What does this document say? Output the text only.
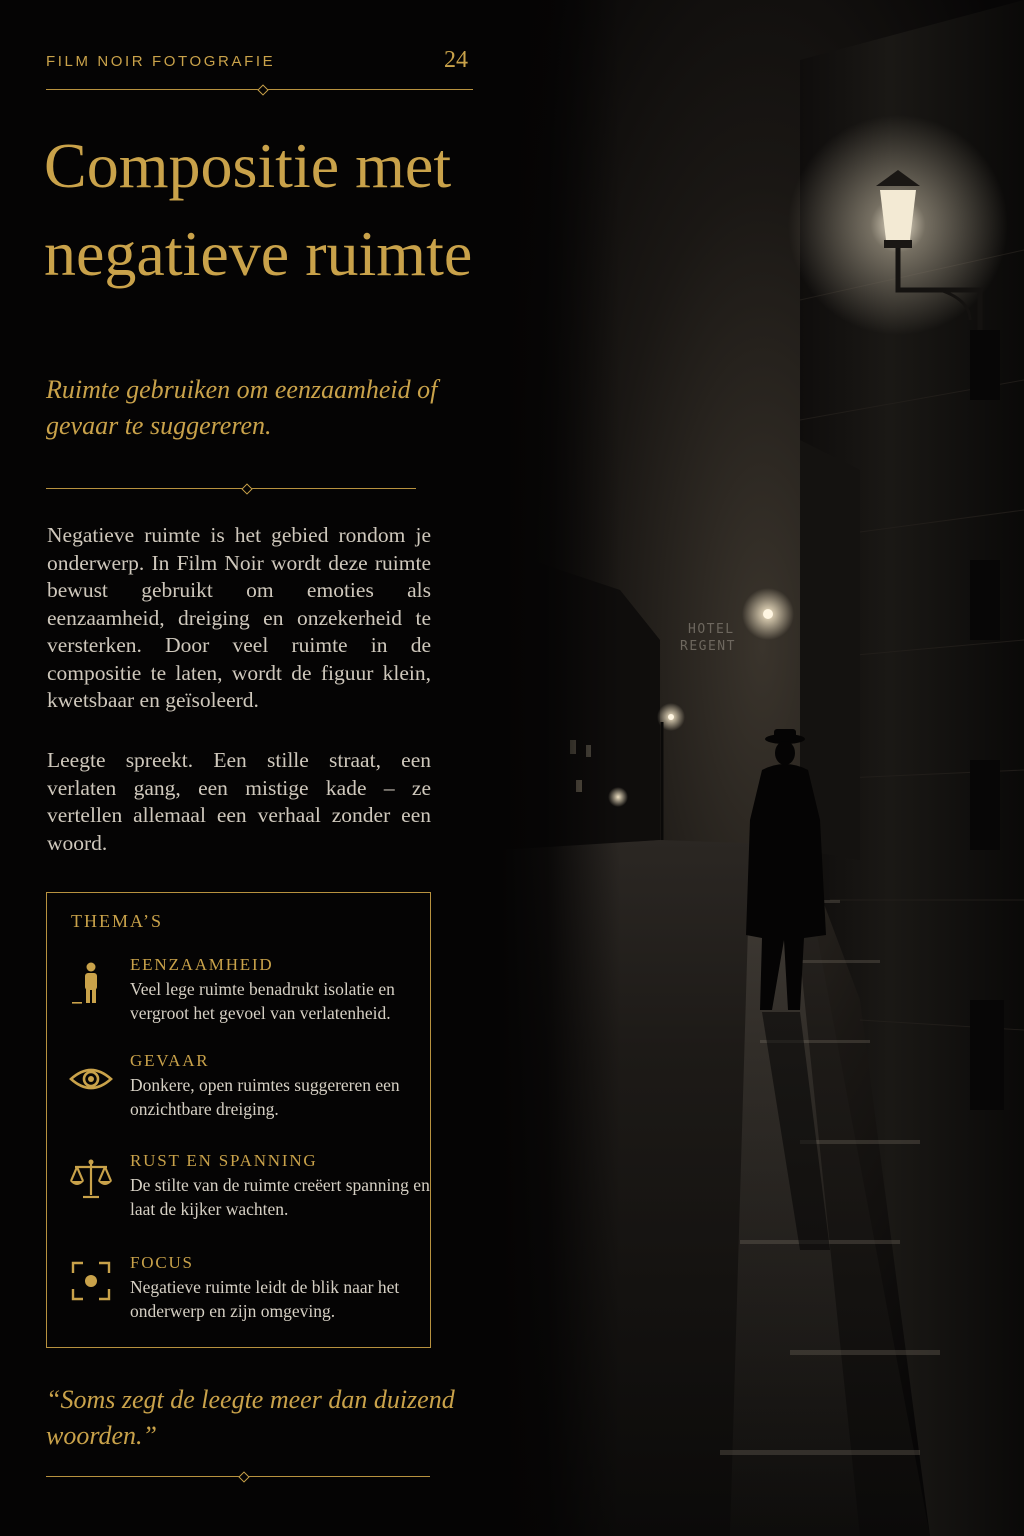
HOTEL
REGENT
FILM NOIR FOTOGRAFIE	24
Compositie met negatieve ruimte

Ruimte gebruiken om eenzaamheid of gevaar te suggereren.

Negatieve ruimte is het gebied rondom je onderwerp. In Film Noir wordt deze ruimte bewust gebruikt om emoties als eenzaamheid, dreiging en onzekerheid te versterken. Door veel ruimte in de compositie te laten, wordt de figuur klein, kwetsbaar en geïsoleerd.

Leegte spreekt. Een stille straat, een verlaten gang, een mistige kade – ze vertellen allemaal een verhaal zonder een woord.

THEMA’S
EENZAAMHEID

Veel lege ruimte benadrukt isolatie en vergroot het gevoel van verlatenheid.

GEVAAR

Donkere, open ruimtes suggereren een onzichtbare dreiging.

RUST EN SPANNING

De stilte van de ruimte creëert spanning en laat de kijker wachten.

FOCUS

Negatieve ruimte leidt de blik naar het onderwerp en zijn omgeving.

“Soms zegt de leegte meer dan duizend woorden.”
